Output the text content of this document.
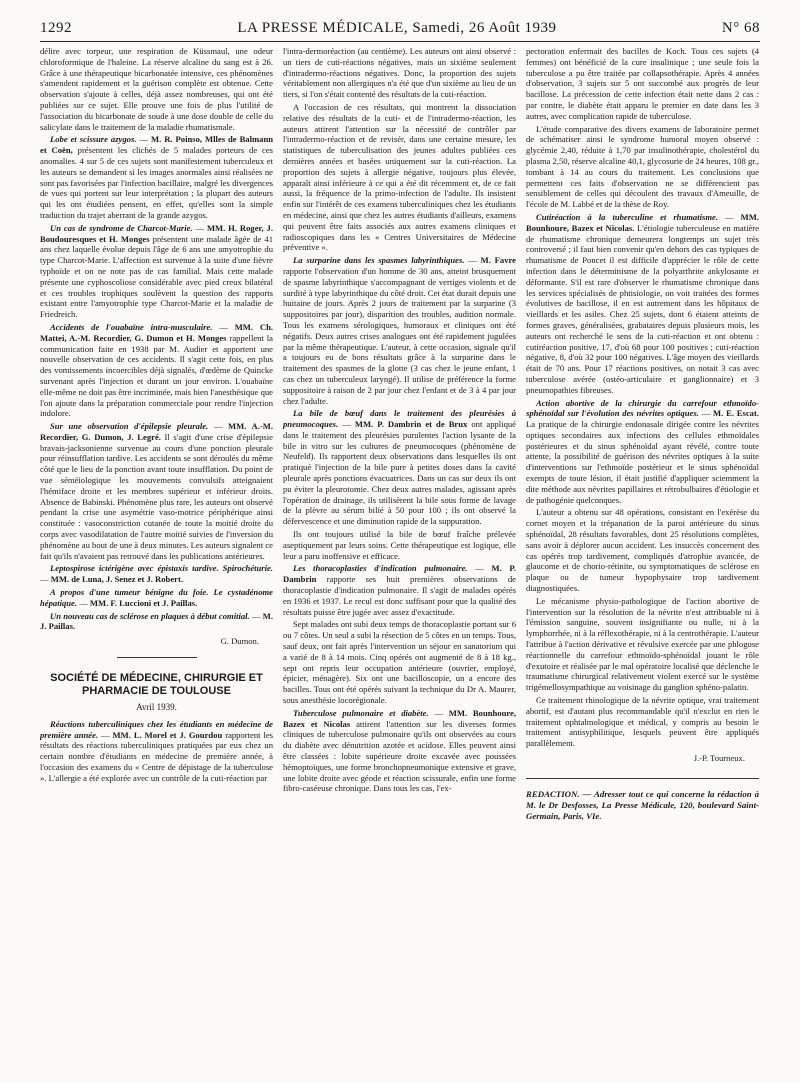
1292	LA PRESSE MÉDICALE, Samedi, 26 Août 1939	N° 68

délire avec torpeur, une respiration de Küssmaul, une odeur chloroformique de l'haleine. La réserve alcaline du sang est à 26. Grâce à une thérapeutique bicarbonatée intensive, ces phénomènes s'amendent rapidement et la guérison complète est obtenue. Cette observation s'ajoute à celles, déjà assez nombreuses, qui ont été publiées sur ce sujet. Elle prouve une fois de plus l'utilité de l'association du bicarbonate de soude à une dose double de celle du salicylate dans le traitement de la maladie rhumatismale.

Lobe et scissure azygos. — M. R. Poinso, Mlles de Balmann et Coën, présentent les clichés de 5 malades porteurs de ces anomalies. 4 sur 5 de ces sujets sont manifestement tuberculeux et les auteurs se demandent si les images anormales ainsi réalisées ne sont pas favorisées par l'infection bacillaire, malgré les divergences de vues qui portent sur leur interprétation ; la plupart des auteurs qui les ont étudiées pensent, en effet, qu'elles sont la simple traduction du trajet aberrant de la grande azygos.

Un cas de syndrome de Charcot-Marie. — MM. H. Roger, J. Boudouresques et H. Monges présentent une malade âgée de 41 ans chez laquelle évolue depuis l'âge de 6 ans une amyotrophie du type Charcot-Marie. L'affection est survenue à la suite d'une fièvre typhoïde et on ne note pas de cas familial. Mais cette malade présente une cyphoscoliose considérable avec pied creux bilatéral et ces troubles trophiques soulèvent la question des rapports existant entre l'amyotrophie type Charcot-Marie et la maladie de Friedreich.

Accidents de l'ouabaïne intra-musculaire. — MM. Ch. Mattei, A.-M. Recordier, G. Dumon et H. Monges rappellent la communication faite en 1938 par M. Audier et apportent une nouvelle observation de ces accidents. Il s'agit cette fois, en plus des vomissements incoercibles déjà signalés, d'œdème de Quincke survenant après l'injection et durant un jour environ. L'ouabaïne elle-même ne doit pas être incriminée, mais bien l'anesthésique que l'on ajoute dans la préparation commerciale pour rendre l'injection indolore.

Sur une observation d'épilepsie pleurale. — MM. A.-M. Recordier, G. Dumon, J. Legré. Il s'agit d'une crise d'épilepsie bravais-jacksonienne survenue au cours d'une ponction pleurale pour réinsufflation tardive. Les accidents se sont déroulés du même côté que le lieu de la ponction avant toute insufflation. Du point de vue séméiologique les mouvements convulsifs atteignaient l'hémiface droite et les membres supérieur et inférieur droits. Absence de Babinski. Phénomène plus rare, les auteurs ont observé pendant la crise une asymétrie vaso-motrice périphérique ainsi constituée : vasoconstriction cutanée de toute la moitié droite du corps avec vasodilatation de l'autre moitié suivies de l'inversion du phénomène au bout de une à deux minutes. Les auteurs signalent ce fait qu'ils n'avaient pas retrouvé dans les publications antérieures.

Leptospirose ictérigène avec épistaxis tardive. Spirochéturie. — MM. de Luna, J. Senez et J. Robert.

A propos d'une tumeur bénigne du foie. Le cystadénome hépatique. — MM. F. Luccioni et J. Paillas.

Un nouveau cas de sclérose en plaques à début comitial. — M. J. Paillas.

G. Dumon.

SOCIÉTÉ DE MÉDECINE, CHIRURGIE ET PHARMACIE DE TOULOUSE
Avril 1939.

Réactions tuberculiniques chez les étudiants en médecine de première année. — MM. L. Morel et J. Gourdou rapportent les résultats des réactions tuberculiniques pratiquées par eux chez un certain nombre d'étudiants en médecine de première année, à l'occasion des examens du « Centre de dépistage de la tuberculose ». L'allergie a été explorée avec un contrôle de la cuti-réaction par

l'intra-dermoréaction (au centième). Les auteurs ont ainsi observé : un tiers de cuti-réactions négatives, mais un sixième seulement d'intradermo-réactions négatives. Donc, la proportion des sujets véritablement non allergiques n'a été que d'un sixième au lieu de un tiers, si l'on s'était contenté des résultats de la cuti-réaction.

A l'occasion de ces résultats, qui montrent la dissociation relative des résultats de la cuti- et de l'intradermo-réaction, les auteurs attirent l'attention sur la nécessité de contrôler par l'intradermo-réaction et de revisér, dans une certaine mesure, les statistiques de tuberculisation des jeunes adultes publiées ces dernières années et basées uniquement sur la cuti-réaction. La proportion des sujets à allergie négative, toujours plus élevée, apparaît ainsi inférieure à ce qui a été dit récemment et, de ce fait aussi, la fréquence de la primo-infection de l'adulte. Ils insistent enfin sur l'intérêt de ces examens tuberculiniques chez les étudiants en médecine, ainsi que chez les autres étudiants d'ailleurs, examens qui peuvent être faits associés aux autres examens cliniques et radioscopiques dans les « Centres Universitaires de Médecine préventive ».

La surparine dans les spasmes labyrinthiques. — M. Favre rapporte l'observation d'un homme de 30 ans, atteint brusquement de spasme labyrinthique s'accompagnant de vertiges violents et de surdité à type labyrinthique du côté droit. Cet état durait depuis une huitaine de jours. Après 2 jours de traitement par la surparine (3 suppositoires par jour), disparition des troubles, audition normale. Tous les examens sérologiques, humoraux et cliniques ont été négatifs. Deux autres crises analogues ont été rapidement jugulées par la même thérapeutique. L'auteur, à cette occasion, signale qu'il a toujours eu de bons résultats grâce à la surparine dans le traitement des spasmes de la glotte (3 cas chez le jeune enfant, 1 cas chez un tuberculeux laryngé). Il utilise de préférence la forme suppositoire à raison de 2 par jour chez l'enfant et de 3 à 4 par jour chez l'adulte.

La bile de bœuf dans le traitement des pleurésies à pneumocoques. — MM. P. Dambrin et de Brux ont appliqué dans le traitement des pleurésies purulentes l'action lysante de la bile in vitro sur les cultures de pneumocoques (phénomène de Neufeld). Ils rapportent deux observations dans lesquelles ils ont pratiqué l'injection de la bile pure à petites doses dans la cavité pleurale après ponctions évacuatrices. Dans un cas sur deux ils ont pu éviter la pleurotomie. Chez deux autres malades, agissant après l'opération de drainage, ils utilisèrent la bile sous forme de lavage de la plèvre au sérum bilié à 50 pour 100 ; ils ont observé la défervescence et une diminution rapide de la suppuration.

Ils ont toujours utilisé la bile de bœuf fraîche prélevée aseptiquement par leurs soins. Cette thérapeutique est logique, elle leur a paru inoffensive et efficace.

Les thoracoplasties d'indication pulmonaire. — M. P. Dambrin rapporte ses huit premières observations de thoracoplastie d'indication pulmonaire. Il s'agit de malades opérés en 1936 et 1937. Le recul est donc suffisant pour que la qualité des résultats puisse être jugée avec assez d'exactitude.

Sept malades ont subi deux temps de thoracoplastie portant sur 6 ou 7 côtes. Un seul a subi la résection de 5 côtes en un temps. Tous, sauf deux, ont fait après l'intervention un séjour en sanatorium qui a varié de 8 à 14 mois. Cinq opérés ont augmenté de 8 à 18 kg., sept ont repris leur occupation antérieure (ouvrier, employé, épicier, ménagère). Six ont une bacilloscopie, un a encore des bacilles. Tous ont été opérés suivant la technique du Dr A. Maurer, sous anesthésie locorégionale.

Tuberculose pulmonaire et diabète. — MM. Bounhoure, Bazex et Nicolas attirent l'attention sur les diverses formes cliniques de tuberculose pulmonaire qu'ils ont observées au cours du diabète avec dénutrition azotée et acidose. Elles peuvent ainsi être classées : lobite supérieure droite excavée avec poussées hémoptoïques, une forme bronchopneumonique extensive et grave, une lobite droite avec géode et réaction scissurale, enfin une forme fibro-caséeuse chronique. Dans tous les cas, l'ex-

pectoration enfermait des bacilles de Koch. Tous ces sujets (4 femmes) ont bénéficié de la cure insulinique ; une seule fois la tuberculose a pu être traitée par collapsothérapie. Après 4 années d'observation, 3 sujets sur 5 ont succombé aux progrès de leur bacillose. La précession de cette infection était nette dans 2 cas : par contre, le diabète était apparu le premier en date dans les 3 autres, avec complication rapide de tuberculose.

L'étude comparative des divers examens de laboratoire permet de schématiser ainsi le syndrome humoral moyen observé : glycémie 2,40, réduite à 1,70 par insulinothérapie, cholestérol du plasma 2,50, réserve alcaline 40,1, glycosurie de 24 heures, 108 gr., tombant à 14 au cours du traitement. Les conclusions que permettent ces faits d'observation ne se différencient pas sensiblement de celles qui découlent des travaux d'Ameuille, de l'école de M. Labbé et de la thèse de Roy.

Cutiréaction à la tuberculine et rhumatisme. — MM. Bounhoure, Bazex et Nicolas. L'étiologie tuberculeuse en matière de rhumatisme chronique demeurera longtemps un sujet très controversé ; il faut bien convenir qu'en dehors des cas typiques de rhumatisme de Poncet il est difficile d'apprécier le rôle de cette infection dans le déterminisme de la polyarthrite ankylosante et déformante. S'il est rare d'observer le rhumatisme chronique dans les services spécialisés de phtisiologie, on voit traitées des formes évolutives de bacillose, il en est autrement dans les hôpitaux de vieillards et les asiles. Chez 25 sujets, dont 6 étaient atteints de formes graves, généralisées, grabataires depuis plusieurs mois, les auteurs ont recherché le sens de la cuti-réaction et ont obtenu : cutiréaction positive, 17, d'où 68 pour 100 positives ; cuti-réaction négative, 8, d'où 32 pour 100 négatives. L'âge moyen des vieillards était de 70 ans. Pour 17 réactions positives, on notait 3 cas avec tuberculose avérée (ostéo-articulaire et ganglionnaire) et 3 pneumopathies fibreuses.

Action abortive de la chirurgie du carrefour ethmoïdo-sphénoïdal sur l'évolution des névrites optiques. — M. E. Escat. La pratique de la chirurgie endonasale dirigée contre les névrites optiques secondaires aux infections des cellules ethmoïdales postérieures et du sinus sphénoïdal ayant révélé, contre toute attente, la possibilité de guérison des névrites optiques à la suite d'interventions sur l'ethmoïde postérieur et le sinus sphénoïdal exempts de toute lésion, il était justifié d'appliquer sciemment la dite méthode aux névrites papillaires et rétrobulbaires d'étiologie et de pathogénie quelconques.

L'auteur a obtenu sur 48 opérations, consistant en l'exérèse du cornet moyen et la trépanation de la paroi antérieure du sinus sphénoïdal, 28 résultats favorables, dont 25 résolutions complètes, sans avoir à déplorer aucun accident. Les insuccès concernent des cas opérés trop tardivement, compliqués d'atrophie avancée, de glaucome et de chorio-rétinite, ou symptomatiques de sclérose en plaque ou de tumeur hypophysaire trop tardivement diagnostiquées.

Le mécanisme physio-pathologique de l'action abortive de l'intervention sur la résolution de la névrite n'est attribuable ni à l'émission sanguine, souvent insignifiante ou nulle, ni à la lymphorrhée, ni à la réflexothérapie, ni à la centrothérapie. L'auteur l'attribue à l'action dérivative et révulsive exercée par une phlogose réactionnelle du carrefour ethmoïdo-sphénoïdal jouant le rôle d'exutoire et réalisée par le mal opératoire localisé que déclenche le traumatisme chirurgical relativement violent exercé sur le système trigémellosympathique au voisinage du ganglion sphéno-palatin.

Ce traitement rhinologique de la névrite optique, vrai traitement abortif, est d'autant plus recommandable qu'il n'exclut en rien le traitement ophtalmologique et médical, y compris au besoin le traitement antisyphilitique, lesquels peuvent être appliqués parallèlement.

J.-P. Tourneux.

REDACTION. — Adresser tout ce qui concerne la rédaction à M. le Dr Desfosses, La Presse Médicale, 120, boulevard Saint-Germain, Paris, VIe.
